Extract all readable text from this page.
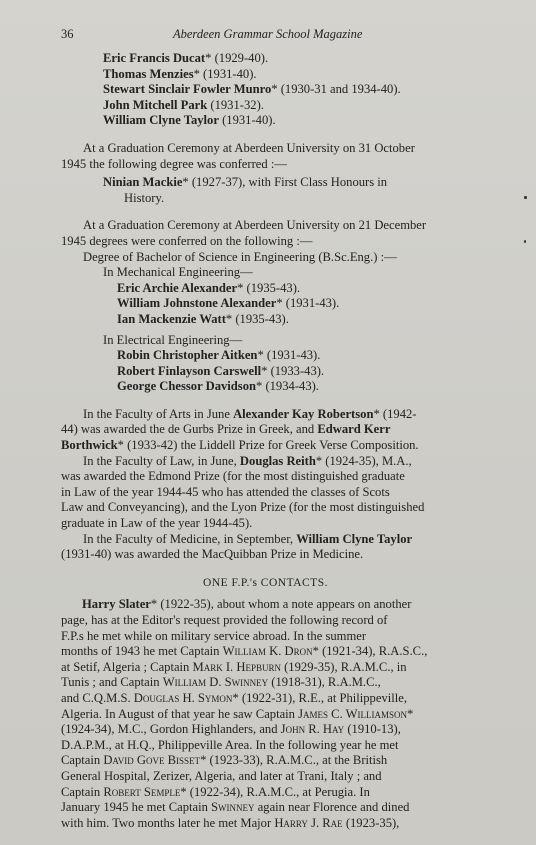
36	Aberdeen Grammar School Magazine
Eric Francis Ducat* (1929-40).
Thomas Menzies* (1931-40).
Stewart Sinclair Fowler Munro* (1930-31 and 1934-40).
John Mitchell Park (1931-32).
William Clyne Taylor (1931-40).
At a Graduation Ceremony at Aberdeen University on 31 October
1945 the following degree was conferred :—
Ninian Mackie* (1927-37), with First Class Honours in
History.
At a Graduation Ceremony at Aberdeen University on 21 December
1945 degrees were conferred on the following :—
Degree of Bachelor of Science in Engineering (B.Sc.Eng.) :—
In Mechanical Engineering—
Eric Archie Alexander* (1935-43).
William Johnstone Alexander* (1931-43).
Ian Mackenzie Watt* (1935-43).
In Electrical Engineering—
Robin Christopher Aitken* (1931-43).
Robert Finlayson Carswell* (1933-43).
George Chessor Davidson* (1934-43).
In the Faculty of Arts in June Alexander Kay Robertson* (1942-
44) was awarded the de Gurbs Prize in Greek, and Edward Kerr
Borthwick* (1933-42) the Liddell Prize for Greek Verse Composition.
In the Faculty of Law, in June, Douglas Reith* (1924-35), M.A.,
was awarded the Edmond Prize (for the most distinguished graduate
in Law of the year 1944-45 who has attended the classes of Scots
Law and Conveyancing), and the Lyon Prize (for the most distinguished
graduate in Law of the year 1944-45).
In the Faculty of Medicine, in September, William Clyne Taylor
(1931-40) was awarded the MacQuibban Prize in Medicine.
ONE F.P.'s CONTACTS.
Harry Slater* (1922-35), about whom a note appears on another
page, has at the Editor's request provided the following record of
F.P.s he met while on military service abroad. In the summer
months of 1943 he met Captain William K. Dron* (1921-34), R.A.S.C.,
at Setif, Algeria ; Captain Mark I. Hepburn (1929-35), R.A.M.C., in
Tunis ; and Captain William D. Swinney (1918-31), R.A.M.C.,
and C.Q.M.S. Douglas H. Symon* (1922-31), R.E., at Philippeville,
Algeria. In August of that year he saw Captain James C. Williamson*
(1924-34), M.C., Gordon Highlanders, and John R. Hay (1910-13),
D.A.P.M., at H.Q., Philippeville Area. In the following year he met
Captain David Gove Bisset* (1923-33), R.A.M.C., at the British
General Hospital, Zerizer, Algeria, and later at Trani, Italy ; and
Captain Robert Semple* (1922-34), R.A.M.C., at Perugia. In
January 1945 he met Captain Swinney again near Florence and dined
with him. Two months later he met Major Harry J. Rae (1923-35),
